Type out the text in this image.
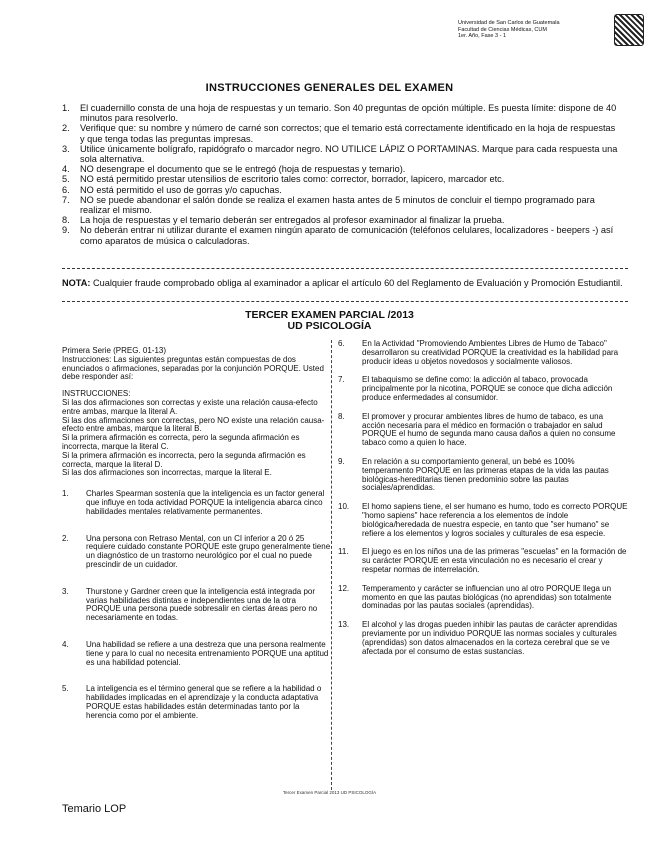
Universidad de San Carlos de Guatemala
Facultad de Ciencias Médicas, CUM
1er. Año, Fase 3 - 1
INSTRUCCIONES GENERALES DEL EXAMEN
1. El cuadernillo consta de una hoja de respuestas y un temario. Son 40 preguntas de opción múltiple. Es puesta límite: dispone de 40 minutos para resolverlo.
2. Verifique que: su nombre y número de carné son correctos; que el temario está correctamente identificado en la hoja de respuestas y que tenga todas las preguntas impresas.
3. Utilice únicamente bolígrafo, rapidógrafo o marcador negro. NO UTILICE LÁPIZ O PORTAMINAS. Marque para cada respuesta una sola alternativa.
4. NO desengrape el documento que se le entregó (hoja de respuestas y temario).
5. NO está permitido prestar utensilios de escritorio tales como: corrector, borrador, lapicero, marcador etc.
6. NO está permitido el uso de gorras y/o capuchas.
7. NO se puede abandonar el salón donde se realiza el examen hasta antes de 5 minutos de concluir el tiempo programado para realizar el mismo.
8. La hoja de respuestas y el temario deberán ser entregados al profesor examinador al finalizar la prueba.
9. No deberán entrar ni utilizar durante el examen ningún aparato de comunicación (teléfonos celulares, localizadores - beepers -) así como aparatos de música o calculadoras.
NOTA: Cualquier fraude comprobado obliga al examinador a aplicar el artículo 60 del Reglamento de Evaluación y Promoción Estudiantil.
TERCER EXAMEN PARCIAL /2013
UD PSICOLOGÍA

Primera Serie (PREG. 01-13)

Instrucciones: Las siguientes preguntas están compuestas de dos enunciados o afirmaciones, separadas por la conjunción PORQUE. Usted debe responder así:

INSTRUCCIONES:

Si las dos afirmaciones son correctas y existe una relación causa-efecto entre ambas, marque la literal A.

Si las dos afirmaciones son correctas, pero NO existe una relación causa-efecto entre ambas, marque la literal B.

Si la primera afirmación es correcta, pero la segunda afirmación es incorrecta, marque la literal C.

Si la primera afirmación es incorrecta, pero la segunda afirmación es correcta, marque la literal D.

Si las dos afirmaciones son incorrectas, marque la literal E.

1. Charles Spearman sostenía que la inteligencia es un factor general que influye en toda actividad PORQUE la inteligencia abarca cinco habilidades mentales relativamente permanentes.
2. Una persona con Retraso Mental, con un CI inferior a 20 ó 25 requiere cuidado constante PORQUE este grupo generalmente tiene un diagnóstico de un trastorno neurológico por el cual no puede prescindir de un cuidador.
3. Thurstone y Gardner creen que la inteligencia está integrada por varias habilidades distintas e independientes una de la otra PORQUE una persona puede sobresalir en ciertas áreas pero no necesariamente en todas.
4. Una habilidad se refiere a una destreza que una persona realmente tiene y para lo cual no necesita entrenamiento PORQUE una aptitud es una habilidad potencial.
5. La inteligencia es el término general que se refiere a la habilidad o habilidades implicadas en el aprendizaje y la conducta adaptativa PORQUE estas habilidades están determinadas tanto por la herencia como por el ambiente.
6. En la Actividad "Promoviendo Ambientes Libres de Humo de Tabaco" desarrollaron su creatividad PORQUE la creatividad es la habilidad para producir ideas u objetos novedosos y socialmente valiosos.
7. El tabaquismo se define como: la adicción al tabaco, provocada principalmente por la nicotina, PORQUE se conoce que dicha adicción produce enfermedades al consumidor.
8. El promover y procurar ambientes libres de humo de tabaco, es una acción necesaria para el médico en formación o trabajador en salud PORQUE el humo de segunda mano causa daños a quien no consume tabaco como a quien lo hace.
9. En relación a su comportamiento general, un bebé es 100% temperamento PORQUE en las primeras etapas de la vida las pautas biológicas-hereditarias tienen predominio sobre las pautas sociales/aprendidas.
10. El homo sapiens tiene, el ser humano es humo, todo es correcto PORQUE "homo sapiens" hace referencia a los elementos de índole biológica/heredada de nuestra especie, en tanto que "ser humano" se refiere a los elementos y logros sociales y culturales de esa especie.
11. El juego es en los niños una de las primeras "escuelas" en la formación de su carácter PORQUE en esta vinculación no es necesario el crear y respetar normas de interrelación.
12. Temperamento y carácter se influencian uno al otro PORQUE llega un momento en que las pautas biológicas (no aprendidas) son totalmente dominadas por las pautas sociales (aprendidas).
13. El alcohol y las drogas pueden inhibir las pautas de carácter aprendidas previamente por un individuo PORQUE las normas sociales y culturales (aprendidas) son datos almacenados en la corteza cerebral que se ve afectada por el consumo de estas sustancias.
Tercer Examen Parcial 2013 UD PSICOLOGÍA
Temario LOP
